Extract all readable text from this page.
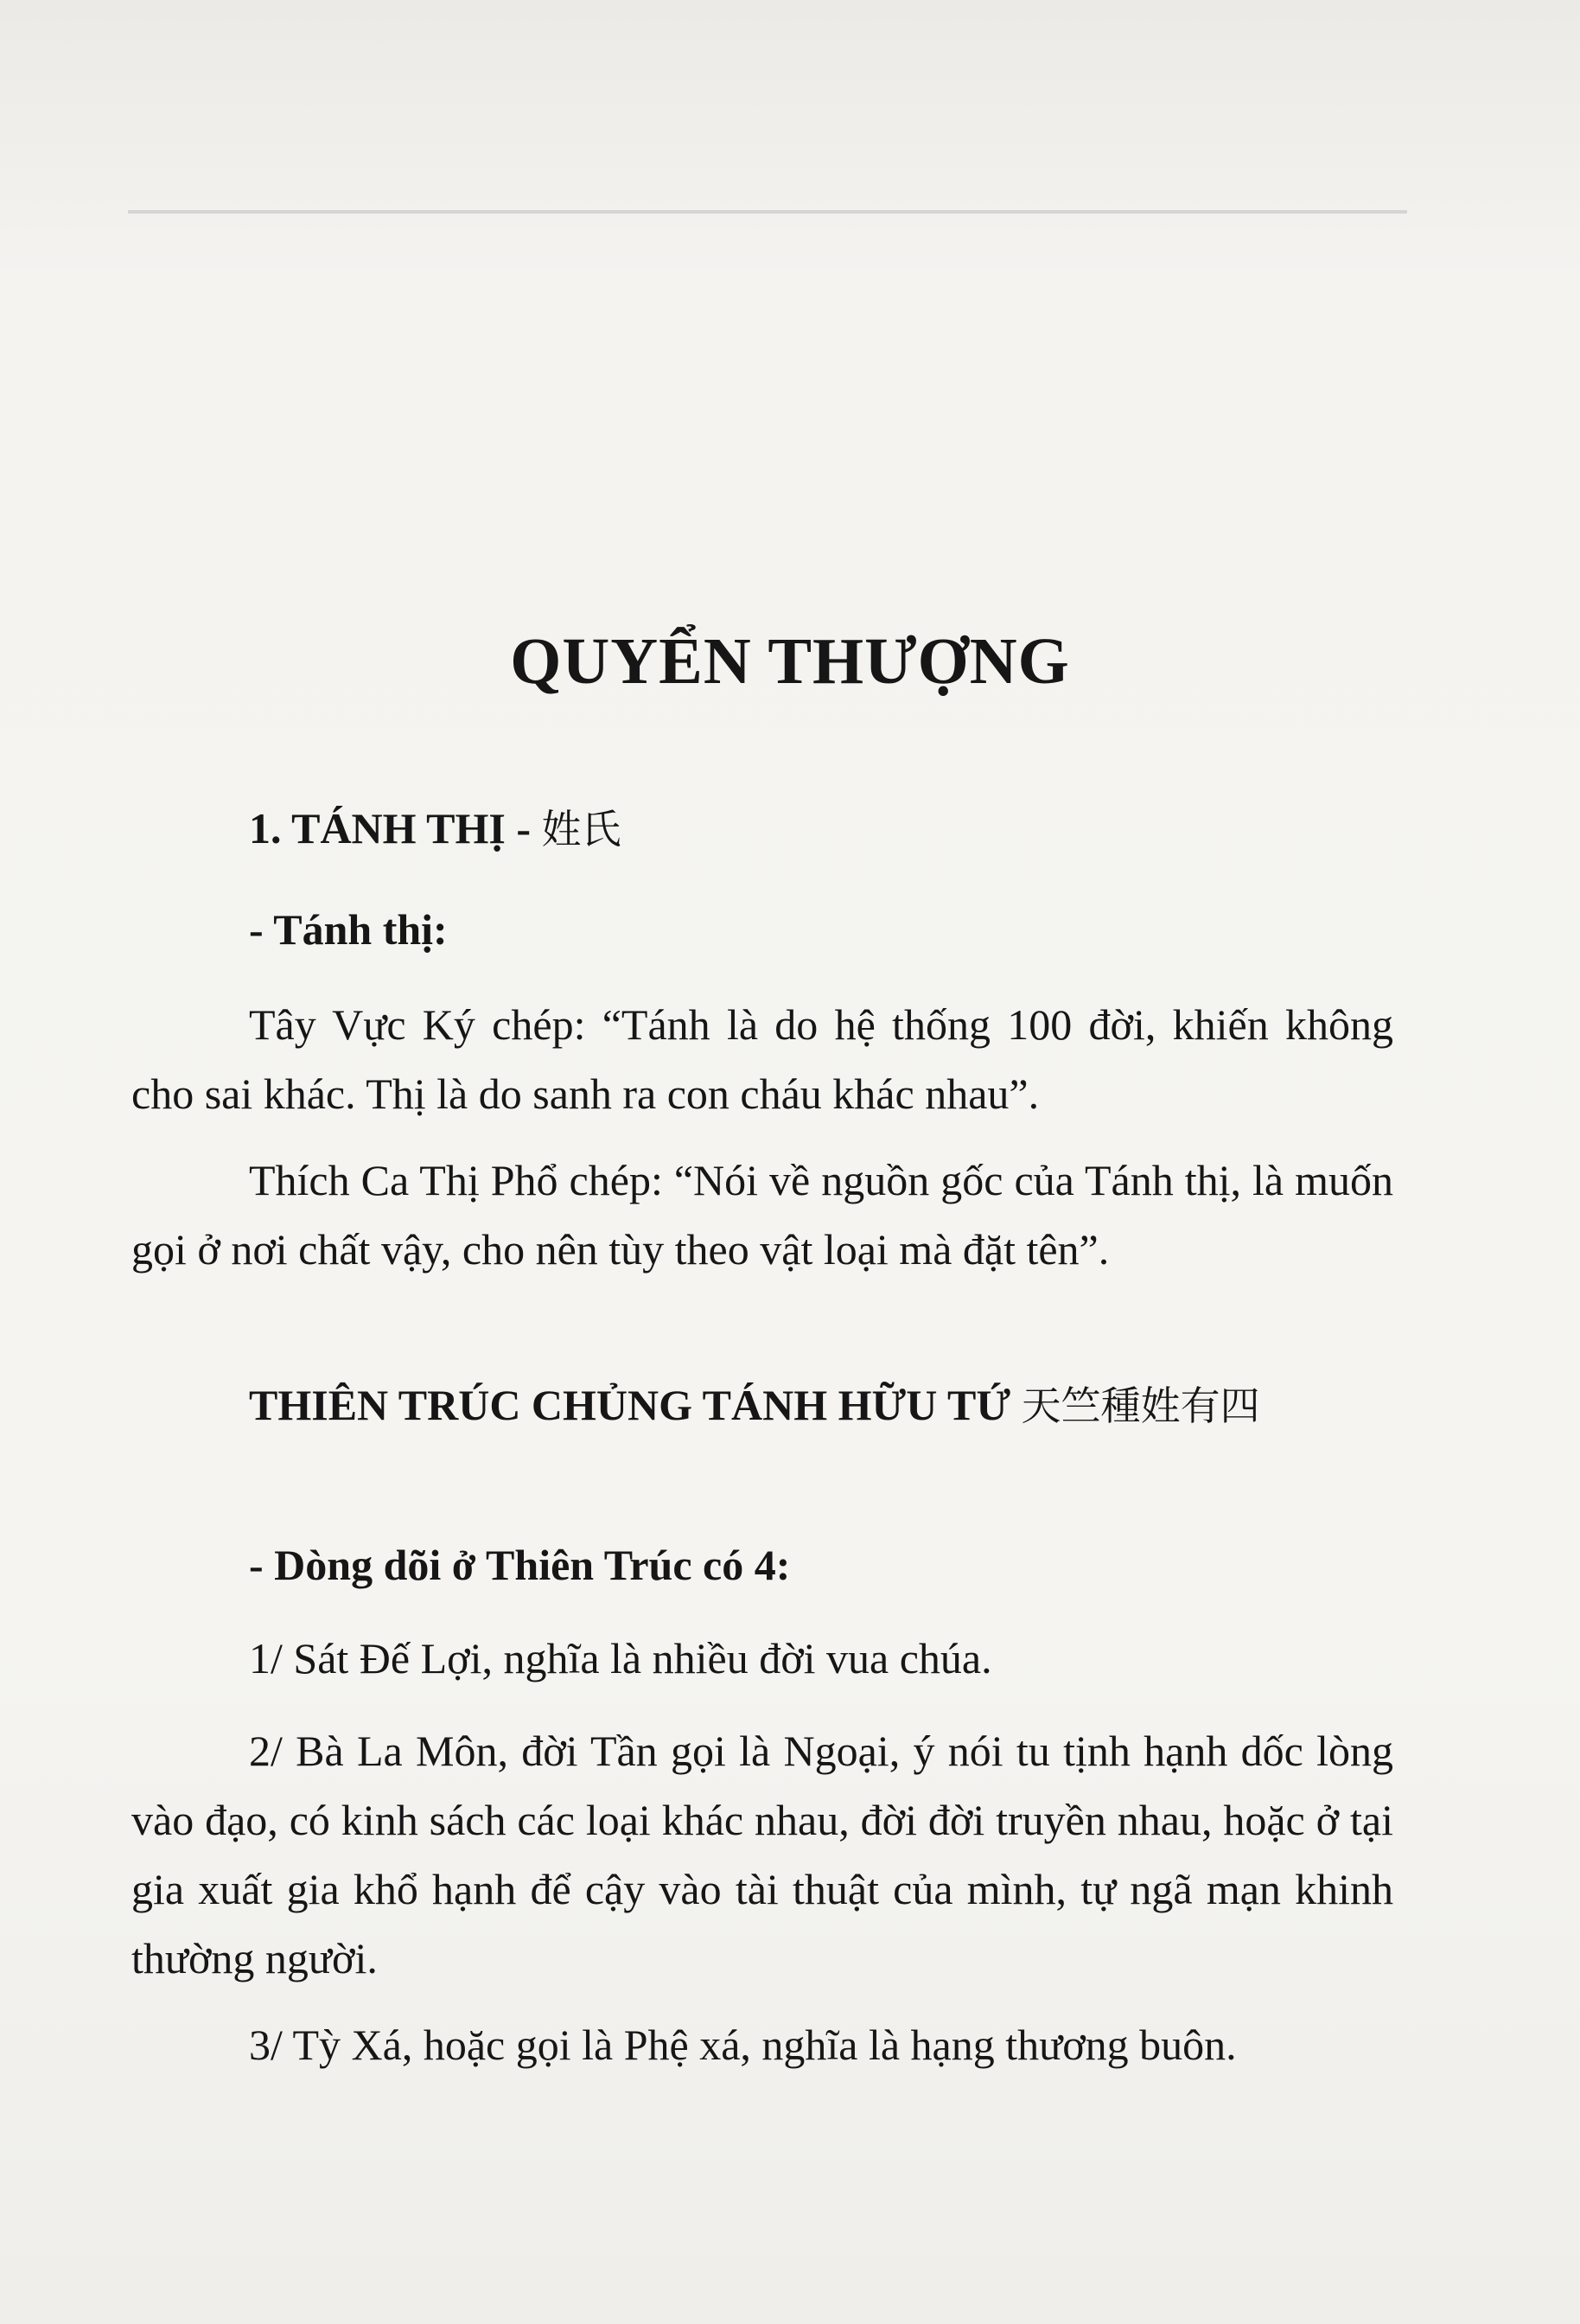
QUYỂN THƯỢNG

1. TÁNH THỊ - 姓氏

- Tánh thị:

Tây Vực Ký chép: “Tánh là do hệ thống 100 đời, khiến không cho sai khác. Thị là do sanh ra con cháu khác nhau”.

Thích Ca Thị Phổ chép: “Nói về nguồn gốc của Tánh thị, là muốn gọi ở nơi chất vậy, cho nên tùy theo vật loại mà đặt tên”.

THIÊN TRÚC CHỦNG TÁNH HỮU TỨ 天竺種姓有四

- Dòng dõi ở Thiên Trúc có 4:

1/ Sát Đế Lợi, nghĩa là nhiều đời vua chúa.

2/ Bà La Môn, đời Tần gọi là Ngoại, ý nói tu tịnh hạnh dốc lòng vào đạo, có kinh sách các loại khác nhau, đời đời truyền nhau, hoặc ở tại gia xuất gia khổ hạnh để cậy vào tài thuật của mình, tự ngã mạn khinh thường người.

3/ Tỳ Xá, hoặc gọi là Phệ xá, nghĩa là hạng thương buôn.
